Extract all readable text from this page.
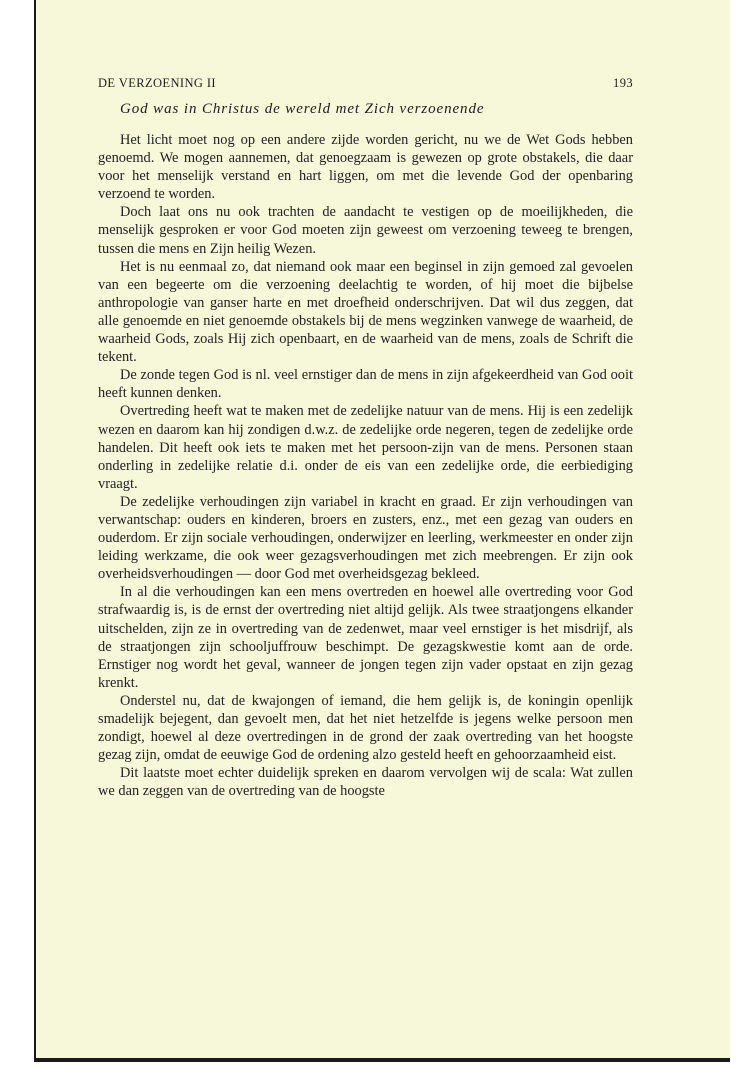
DE VERZOENING II	193
God was in Christus de wereld met Zich verzoenende

Het licht moet nog op een andere zijde worden gericht, nu we de Wet Gods hebben genoemd. We mogen aannemen, dat genoegzaam is gewezen op grote obstakels, die daar voor het menselijk verstand en hart liggen, om met die levende God der openbaring verzoend te worden.

Doch laat ons nu ook trachten de aandacht te vestigen op de moeilijkheden, die menselijk gesproken er voor God moeten zijn geweest om verzoening teweeg te brengen, tussen die mens en Zijn heilig Wezen.

Het is nu eenmaal zo, dat niemand ook maar een beginsel in zijn gemoed zal gevoelen van een begeerte om die verzoening deelachtig te worden, of hij moet die bijbelse anthropologie van ganser harte en met droefheid onderschrijven. Dat wil dus zeggen, dat alle genoemde en niet genoemde obstakels bij de mens wegzinken vanwege de waarheid, de waarheid Gods, zoals Hij zich openbaart, en de waarheid van de mens, zoals de Schrift die tekent.

De zonde tegen God is nl. veel ernstiger dan de mens in zijn afgekeerdheid van God ooit heeft kunnen denken.

Overtreding heeft wat te maken met de zedelijke natuur van de mens. Hij is een zedelijk wezen en daarom kan hij zondigen d.w.z. de zedelijke orde negeren, tegen de zedelijke orde handelen. Dit heeft ook iets te maken met het persoon-zijn van de mens. Personen staan onderling in zedelijke relatie d.i. onder de eis van een zedelijke orde, die eerbiediging vraagt.

De zedelijke verhoudingen zijn variabel in kracht en graad. Er zijn verhoudingen van verwantschap: ouders en kinderen, broers en zusters, enz., met een gezag van ouders en ouderdom. Er zijn sociale verhoudingen, onderwijzer en leerling, werkmeester en onder zijn leiding werkzame, die ook weer gezagsverhoudingen met zich meebrengen. Er zijn ook overheidsverhoudingen — door God met overheidsgezag bekleed.

In al die verhoudingen kan een mens overtreden en hoewel alle overtreding voor God strafwaardig is, is de ernst der overtreding niet altijd gelijk. Als twee straatjongens elkander uitschelden, zijn ze in overtreding van de zedenwet, maar veel ernstiger is het misdrijf, als de straatjongen zijn schooljuffrouw beschimpt. De gezagskwestie komt aan de orde. Ernstiger nog wordt het geval, wanneer de jongen tegen zijn vader opstaat en zijn gezag krenkt.

Onderstel nu, dat de kwajongen of iemand, die hem gelijk is, de koningin openlijk smadelijk bejegent, dan gevoelt men, dat het niet hetzelfde is jegens welke persoon men zondigt, hoewel al deze overtredingen in de grond der zaak overtreding van het hoogste gezag zijn, omdat de eeuwige God de ordening alzo gesteld heeft en gehoorzaamheid eist.

Dit laatste moet echter duidelijk spreken en daarom vervolgen wij de scala: Wat zullen we dan zeggen van de overtreding van de hoogste
